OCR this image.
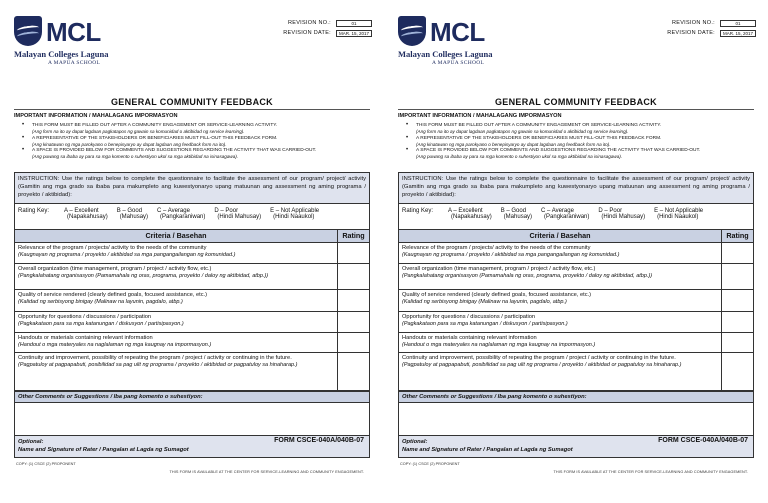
MCL
Malayan Colleges Laguna
A MAPÚA SCHOOL
REVISION NO.:	01
REVISION DATE:	MAR. 15, 2017
GENERAL COMMUNITY FEEDBACK
IMPORTANT INFORMATION / MAHALAGANG IMPORMASYON
• THIS FORM MUST BE FILLED OUT AFTER A COMMUNITY ENGAGEMENT OR SERVICE-LEARNING ACTIVITY.
(Ang form na ito ay dapat lagdaan pagkatapos ng gawain sa komunidad o aktibidad ng service learning).
• A REPRESENTATIVE OF THE STAKEHOLDERS OR BENEFICIARIES MUST FILL-OUT THIS FEEDBACK FORM.
(Ang kinatawan ng mga parokyano o benepisyaryo ay dapat lagdaan ang feedback form na ito).
• A SPACE IS PROVIDED BELOW FOR COMMENTS AND SUGGESTIONS REGARDING THE ACTIVITY THAT WAS CARRIED-OUT.
(Ang puwang sa ibaba ay para sa mga komento o suhestiyon ukol sa mga aktibidad na isinasagawa).
INSTRUCTION: Use the ratings below to complete the questionnaire to facilitate the assessment of our program/ project/ activity (Gamitin ang mga grado sa ibaba para makumpleto ang kuwestyonaryo upang matuunan ang assessment ng aming programa / proyekto / aktibidad):
Rating Key:	A – Excellent
(Napakahusay)
B – Good
(Mahusay)
C – Average
(Pangkaraniwan)
D – Poor
(Hindi Mahusay)
E – Not Applicable
(Hindi Naaukol)
Criteria / Basehan	Rating
Relevance of the program / projects/ activity to the needs of the community
(Kaugnayan ng programa / proyekto / aktibidad sa mga pangangailangan ng komunidad.)
Overall organization (time management, program / project / activity flow, etc.)
(Pangkalahatang organisasyon (Pamamahala ng oras, programa, proyekto / daloy ng aktibidad, atbp.))
Quality of service rendered (clearly defined goals, focused assistance, etc.)
(Kalidad ng serbisyong binigay (Malinaw na layunin, pagdalo, atbp.)
Opportunity for questions / discussions / participation
(Pagkakataon para sa mga katanungan / diskusyon / partisipasyon.)
Handouts or materials containing relevant information
(Handout o mga materyales na naglalaman ng mga kaugnay na impormasyon.)
Continuity and improvement, possibility of repeating the program / project / activity or continuing in the future.
(Pagpatuloy at pagpapabuti, posibilidad sa pag ulit ng programa / proyekto / aktibidad or pagpatuloy sa hinaharap.)
Other Comments or Suggestions / Iba pang komento o suhestiyon:
Optional:
Name and Signature of Rater / Pangalan at Lagda ng Sumagot
FORM CSCE-040A/040B-07
COPY: (1) CSCE (2) PROPONENT
THIS FORM IS AVAILABLE AT THE CENTER FOR SERVICE-LEARNING AND COMMUNITY ENGAGEMENT.
MCL
Malayan Colleges Laguna
A MAPÚA SCHOOL
REVISION NO.:	01
REVISION DATE:	MAR. 15, 2017
GENERAL COMMUNITY FEEDBACK
IMPORTANT INFORMATION / MAHALAGANG IMPORMASYON
• THIS FORM MUST BE FILLED OUT AFTER A COMMUNITY ENGAGEMENT OR SERVICE-LEARNING ACTIVITY.
(Ang form na ito ay dapat lagdaan pagkatapos ng gawain sa komunidad o aktibidad ng service learning).
• A REPRESENTATIVE OF THE STAKEHOLDERS OR BENEFICIARIES MUST FILL-OUT THIS FEEDBACK FORM.
(Ang kinatawan ng mga parokyano o benepisyaryo ay dapat lagdaan ang feedback form na ito).
• A SPACE IS PROVIDED BELOW FOR COMMENTS AND SUGGESTIONS REGARDING THE ACTIVITY THAT WAS CARRIED-OUT.
(Ang puwang sa ibaba ay para sa mga komento o suhestiyon ukol sa mga aktibidad na isinasagawa).
INSTRUCTION: Use the ratings below to complete the questionnaire to facilitate the assessment of our program/ project/ activity (Gamitin ang mga grado sa ibaba para makumpleto ang kuwestyonaryo upang matuunan ang assessment ng aming programa / proyekto / aktibidad):
Rating Key:	A – Excellent
(Napakahusay)
B – Good
(Mahusay)
C – Average
(Pangkaraniwan)
D – Poor
(Hindi Mahusay)
E – Not Applicable
(Hindi Naaukol)
Criteria / Basehan	Rating
Relevance of the program / projects/ activity to the needs of the community
(Kaugnayan ng programa / proyekto / aktibidad sa mga pangangailangan ng komunidad.)
Overall organization (time management, program / project / activity flow, etc.)
(Pangkalahatang organisasyon (Pamamahala ng oras, programa, proyekto / daloy ng aktibidad, atbp.))
Quality of service rendered (clearly defined goals, focused assistance, etc.)
(Kalidad ng serbisyong binigay (Malinaw na layunin, pagdalo, atbp.)
Opportunity for questions / discussions / participation
(Pagkakataon para sa mga katanungan / diskusyon / partisipasyon.)
Handouts or materials containing relevant information
(Handout o mga materyales na naglalaman ng mga kaugnay na impormasyon.)
Continuity and improvement, possibility of repeating the program / project / activity or continuing in the future.
(Pagpatuloy at pagpapabuti, posibilidad sa pag ulit ng programa / proyekto / aktibidad or pagpatuloy sa hinaharap.)
Other Comments or Suggestions / Iba pang komento o suhestiyon:
Optional:
Name and Signature of Rater / Pangalan at Lagda ng Sumagot
FORM CSCE-040A/040B-07
COPY: (1) CSCE (2) PROPONENT
THIS FORM IS AVAILABLE AT THE CENTER FOR SERVICE-LEARNING AND COMMUNITY ENGAGEMENT.
